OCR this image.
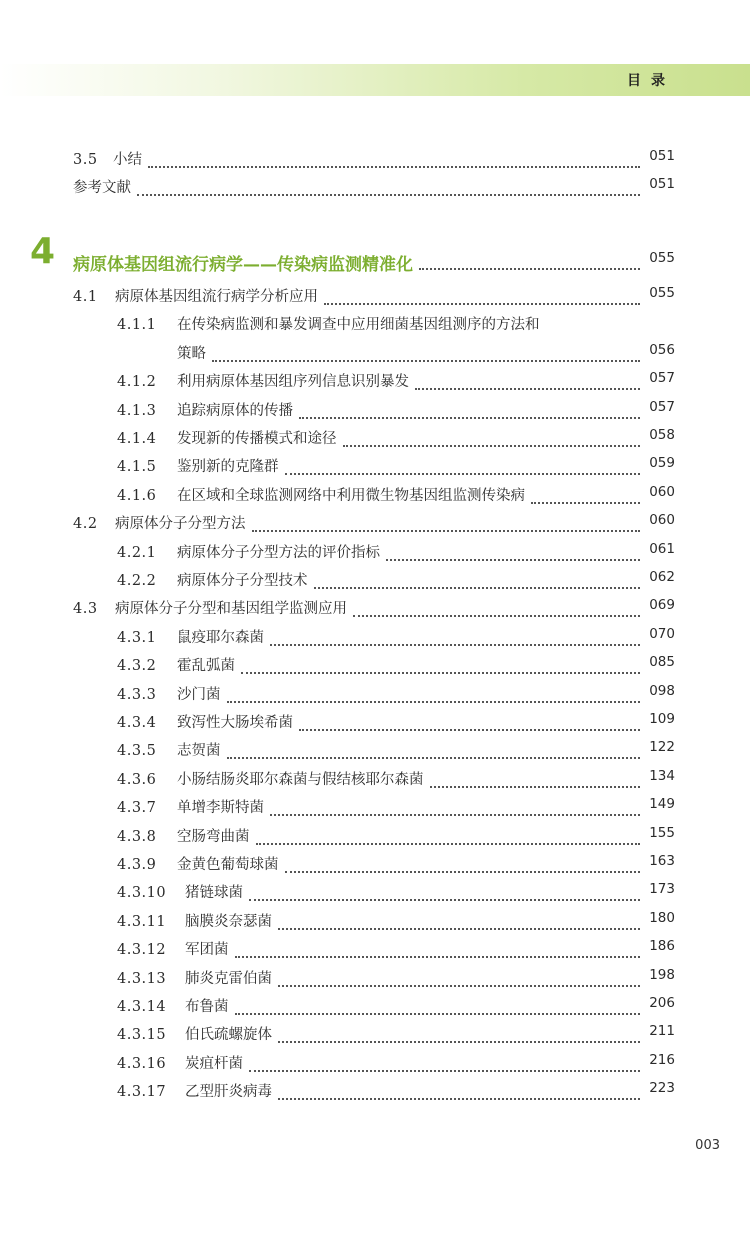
目录
3.5	小结	051
参考文献	051
4 病原体基因组流行病学——传染病监测精准化	055
4.1	病原体基因组流行病学分析应用	055
4.1.1	在传染病监测和暴发调查中应用细菌基因组测序的方法和
策略	056
4.1.2	利用病原体基因组序列信息识别暴发	057
4.1.3	追踪病原体的传播	057
4.1.4	发现新的传播模式和途径	058
4.1.5	鉴别新的克隆群	059
4.1.6	在区域和全球监测网络中利用微生物基因组监测传染病	060
4.2	病原体分子分型方法	060
4.2.1	病原体分子分型方法的评价指标	061
4.2.2	病原体分子分型技术	062
4.3	病原体分子分型和基因组学监测应用	069
4.3.1	鼠疫耶尔森菌	070
4.3.2	霍乱弧菌	085
4.3.3	沙门菌	098
4.3.4	致泻性大肠埃希菌	109
4.3.5	志贺菌	122
4.3.6	小肠结肠炎耶尔森菌与假结核耶尔森菌	134
4.3.7	单增李斯特菌	149
4.3.8	空肠弯曲菌	155
4.3.9	金黄色葡萄球菌	163
4.3.10	猪链球菌	173
4.3.11	脑膜炎奈瑟菌	180
4.3.12	军团菌	186
4.3.13	肺炎克雷伯菌	198
4.3.14	布鲁菌	206
4.3.15	伯氏疏螺旋体	211
4.3.16	炭疽杆菌	216
4.3.17	乙型肝炎病毒	223
003
